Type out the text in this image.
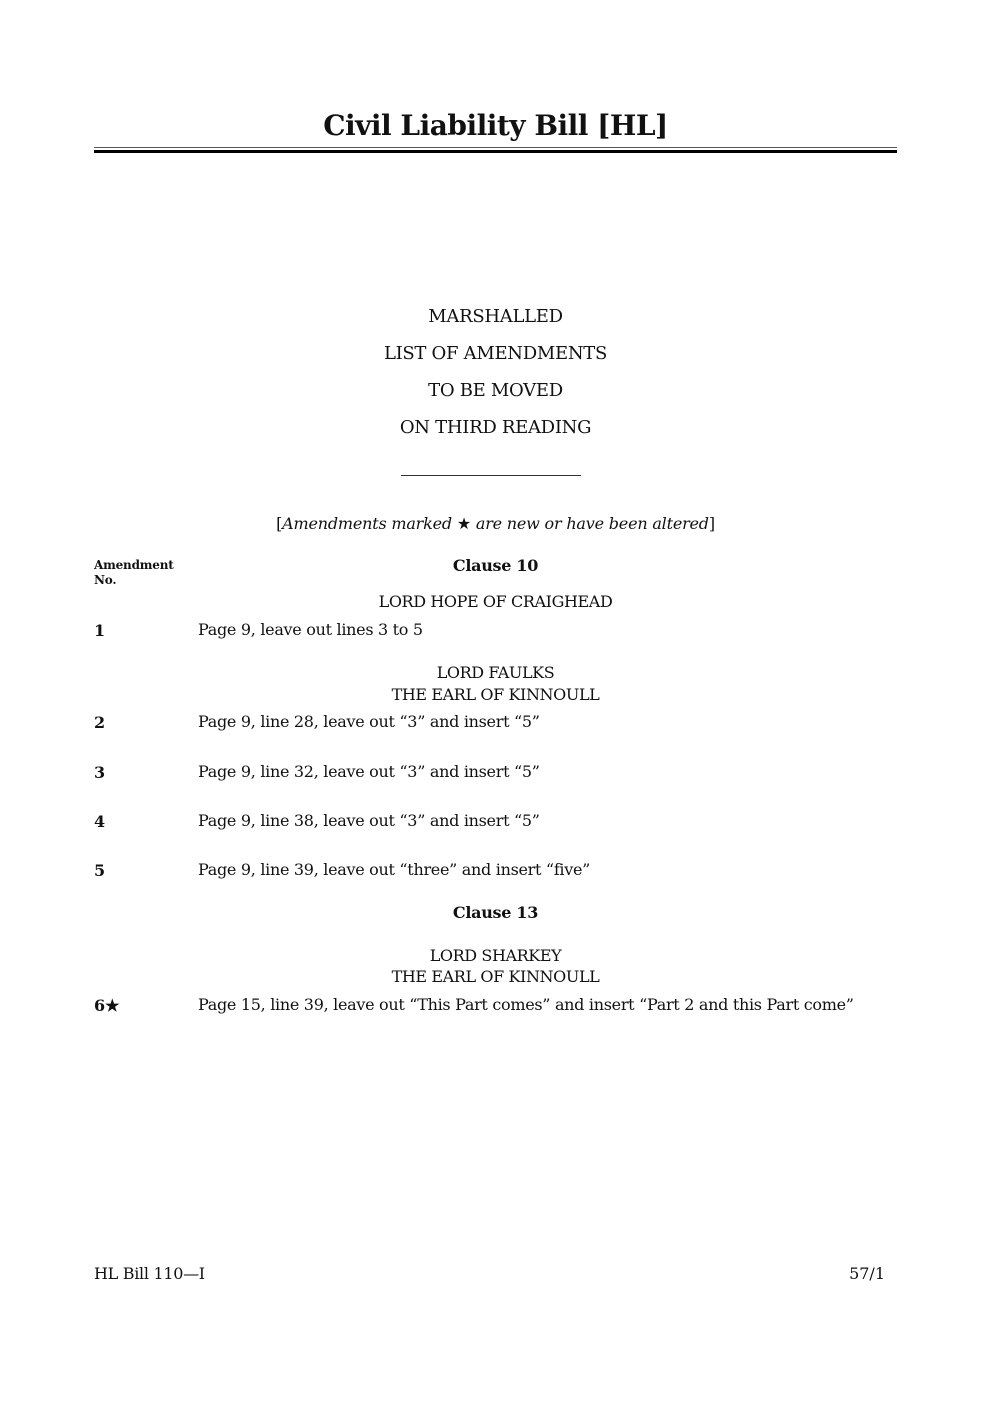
Civil Liability Bill [HL]
MARSHALLED
LIST OF AMENDMENTS
TO BE MOVED
ON THIRD READING
[Amendments marked ★ are new or have been altered]
Amendment
No.
Clause 10
LORD HOPE OF CRAIGHEAD
1	Page 9, leave out lines 3 to 5
LORD FAULKS
THE EARL OF KINNOULL
2	Page 9, line 28, leave out “3” and insert “5”
3	Page 9, line 32, leave out “3” and insert “5”
4	Page 9, line 38, leave out “3” and insert “5”
5	Page 9, line 39, leave out “three” and insert “five”
Clause 13
LORD SHARKEY
THE EARL OF KINNOULL
6★	Page 15, line 39, leave out “This Part comes” and insert “Part 2 and this Part come”
HL Bill 110—I	57/1
